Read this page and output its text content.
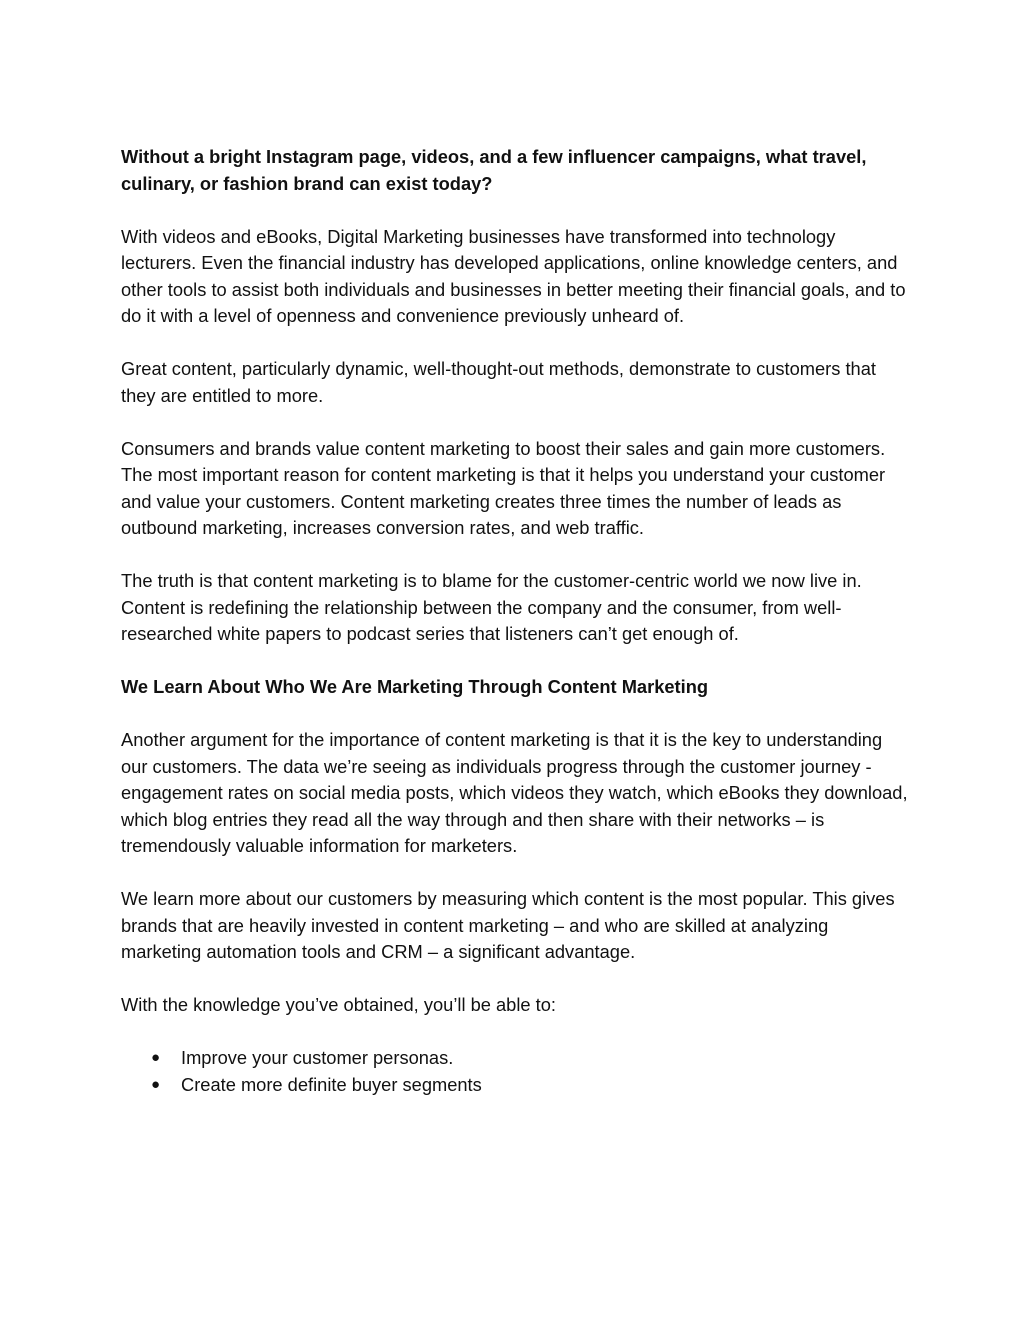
Without a bright Instagram page, videos, and a few influencer campaigns, what travel, culinary, or fashion brand can exist today?

With videos and eBooks, Digital Marketing businesses have transformed into technology lecturers. Even the financial industry has developed applications, online knowledge centers, and other tools to assist both individuals and businesses in better meeting their financial goals, and to do it with a level of openness and convenience previously unheard of.

Great content, particularly dynamic, well-thought-out methods, demonstrate to customers that they are entitled to more.

Consumers and brands value content marketing to boost their sales and gain more customers.

The most important reason for content marketing is that it helps you understand your customer and value your customers. Content marketing creates three times the number of leads as outbound marketing, increases conversion rates, and web traffic.

The truth is that content marketing is to blame for the customer-centric world we now live in. Content is redefining the relationship between the company and the consumer, from well-researched white papers to podcast series that listeners can’t get enough of.

We Learn About Who We Are Marketing Through Content Marketing

Another argument for the importance of content marketing is that it is the key to understanding our customers. The data we’re seeing as individuals progress through the customer journey - engagement rates on social media posts, which videos they watch, which eBooks they download, which blog entries they read all the way through and then share with their networks – is tremendously valuable information for marketers.

We learn more about our customers by measuring which content is the most popular. This gives brands that are heavily invested in content marketing – and who are skilled at analyzing marketing automation tools and CRM – a significant advantage.

With the knowledge you’ve obtained, you’ll be able to:

● Improve your customer personas.
● Create more definite buyer segments
